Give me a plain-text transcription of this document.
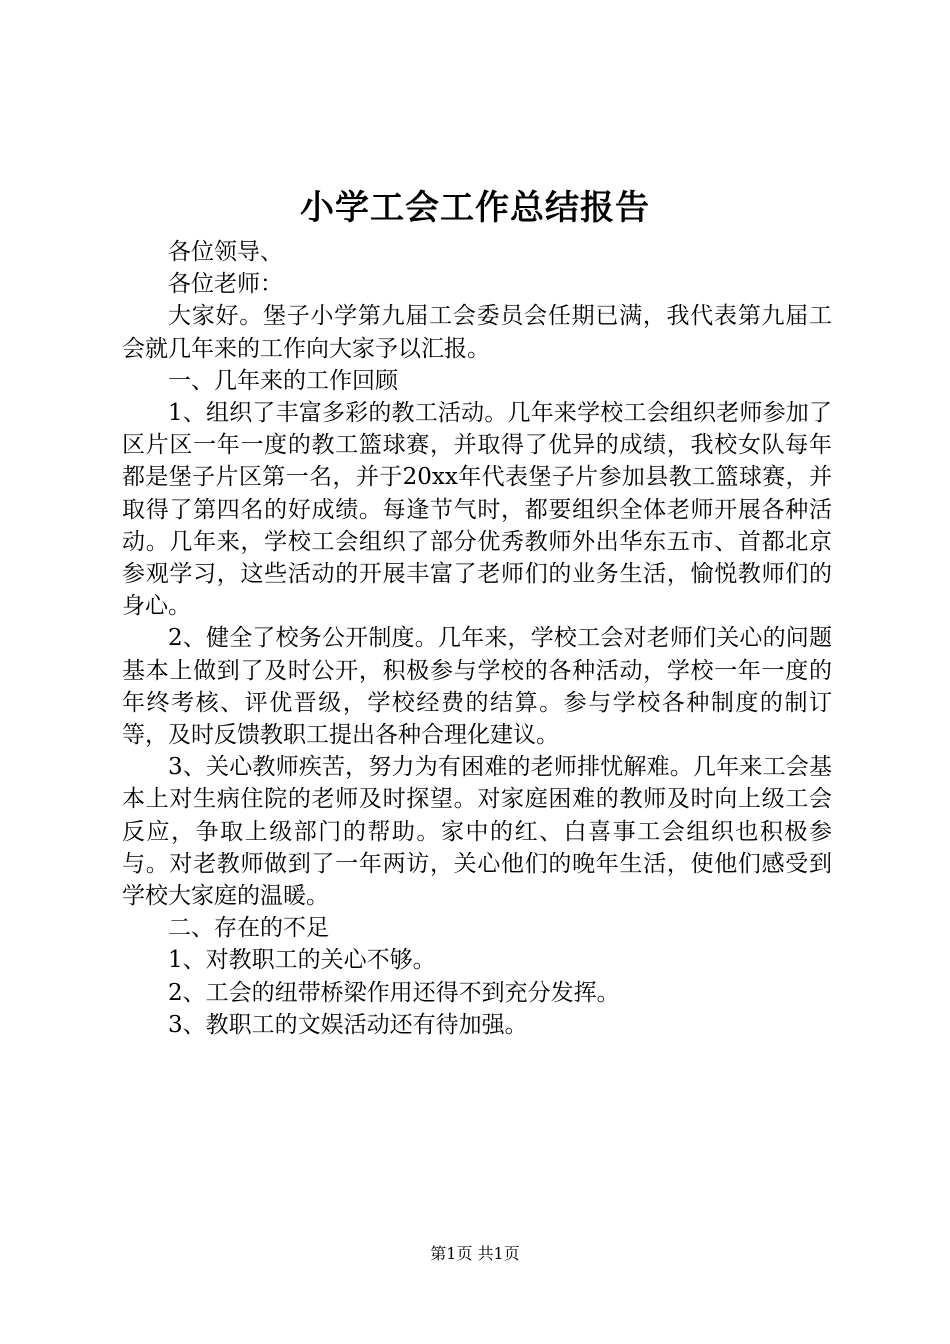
小学工会工作总结报告

各位领导、

各位老师：

大家好。堡子小学第九届工会委员会任期已满，我代表第九届工会就几年来的工作向大家予以汇报。

一、几年来的工作回顾

1、组织了丰富多彩的教工活动。几年来学校工会组织老师参加了区片区一年一度的教工篮球赛，并取得了优异的成绩，我校女队每年都是堡子片区第一名，并于20xx年代表堡子片参加县教工篮球赛，并取得了第四名的好成绩。每逢节气时，都要组织全体老师开展各种活动。几年来，学校工会组织了部分优秀教师外出华东五市、首都北京参观学习，这些活动的开展丰富了老师们的业务生活，愉悦教师们的身心。

2、健全了校务公开制度。几年来，学校工会对老师们关心的问题基本上做到了及时公开，积极参与学校的各种活动，学校一年一度的年终考核、评优晋级，学校经费的结算。参与学校各种制度的制订等，及时反馈教职工提出各种合理化建议。

3、关心教师疾苦，努力为有困难的老师排忧解难。几年来工会基本上对生病住院的老师及时探望。对家庭困难的教师及时向上级工会反应，争取上级部门的帮助。家中的红、白喜事工会组织也积极参与。对老教师做到了一年两访，关心他们的晚年生活，使他们感受到学校大家庭的温暖。

二、存在的不足

1、对教职工的关心不够。

2、工会的纽带桥梁作用还得不到充分发挥。

3、教职工的文娱活动还有待加强。

第1页 共1页
